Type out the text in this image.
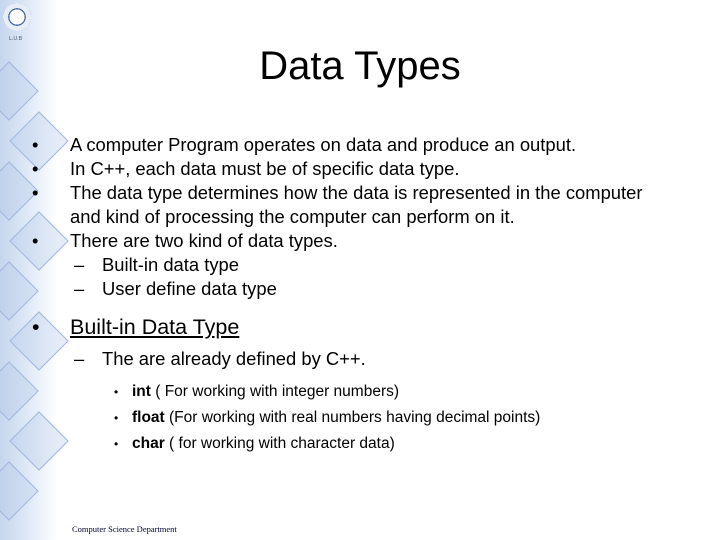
L.U.B
Data Types
•	A computer Program operates on data and produce an output.
•	In C++, each data must be of specific data type.
•	The data type determines how the data is represented in the computer and kind of processing the computer can perform on it.
•	There are two kind of data types.
– Built-in data type
– User define data type
•	Built-in Data Type
– The are already defined by C++.
• int ( For working with integer numbers)
• float (For working with real numbers having decimal points)
• char ( for working with character data)
Computer Science Department
